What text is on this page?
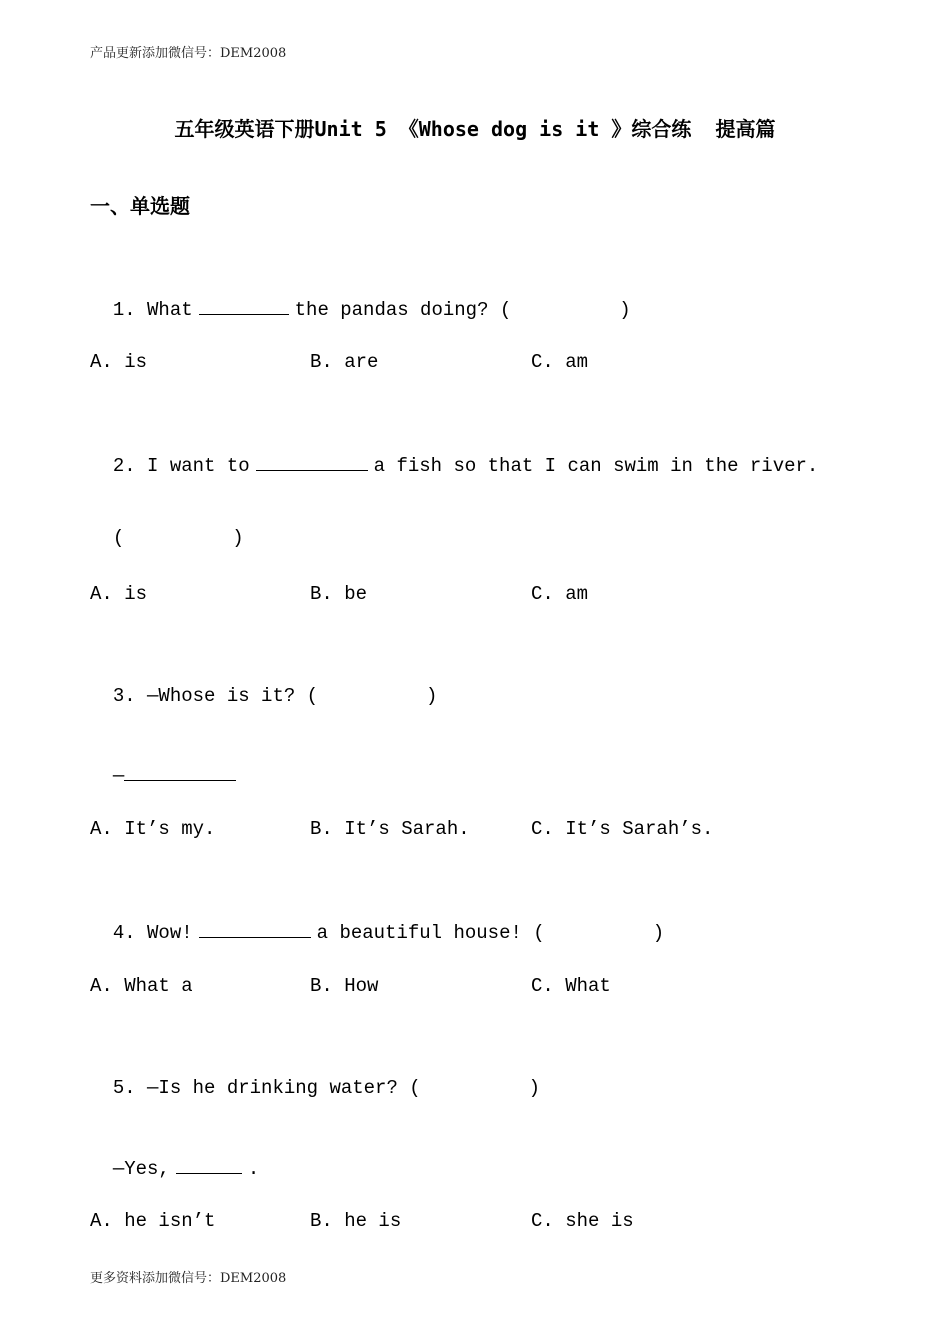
产品更新添加微信号：DEM2008
五年级英语下册Unit 5 《Whose dog is it 》综合练  提高篇
一、单选题

1. What	the pandas doing? (	)

A. is	B. are	C. am

2. I want to	a fish so that I can swim in the river.

(	)

A. is	B. be	C. am

3. —Whose is it? (	)

—

A. It’s my.	B. It’s Sarah.	C. It’s Sarah’s.

4. Wow!	a beautiful house! (	)

A. What a	B. How	C. What

5. —Is he drinking water? (	)

—Yes,	.

A. he isn’t	B. he is	C. she is
更多资料添加微信号：DEM2008
